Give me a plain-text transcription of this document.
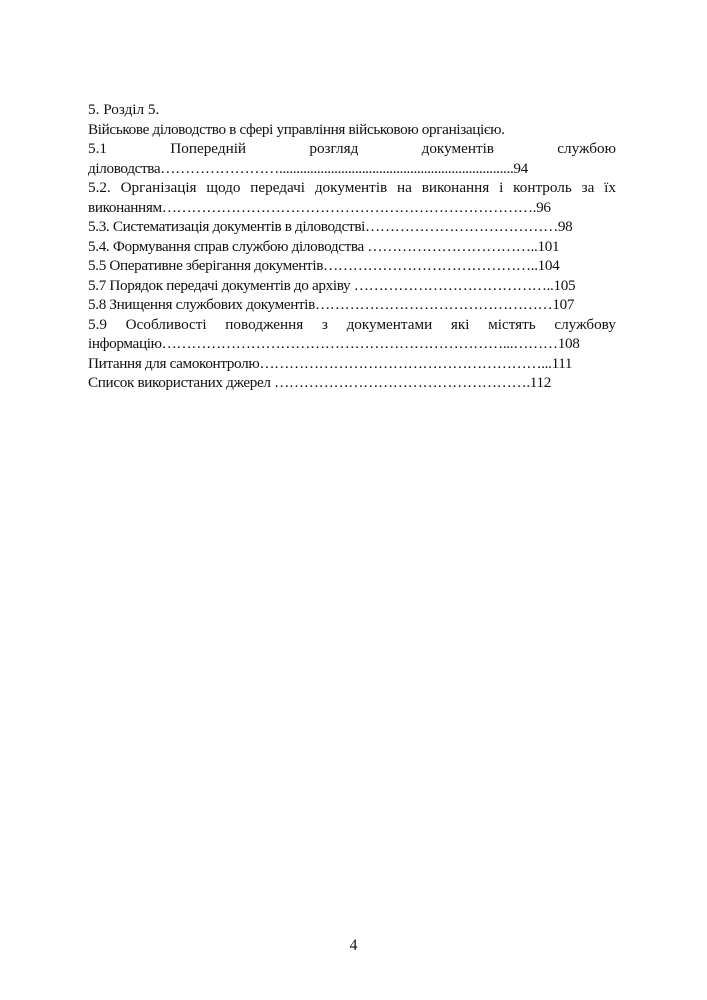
5. Розділ 5.
Військове діловодство в сфері управління військовою організацією.
5.1	Попередній	розгляд	документів	службою
діловодства……………………....................................................................94
5.2. Організація щодо передачі документів на виконання і контроль за їх
виконанням………………………………………………………………….96
5.3. Систематизація документів в діловодстві…………………………………98
5.4. Формування справ службою діловодства ……………………………..101
5.5 Оперативне зберігання документів……………………………………..104
5.7 Порядок передачі документів до архіву …………………………………..105
5.8 Знищення службових документів…………………………………………107
5.9 Особливості поводження з документами які містять службову
інформацію……………………………………………………………...………108
Питання для самоконтролю…………………………………………………...111
Список використаних джерел …………………………………………….112
4
